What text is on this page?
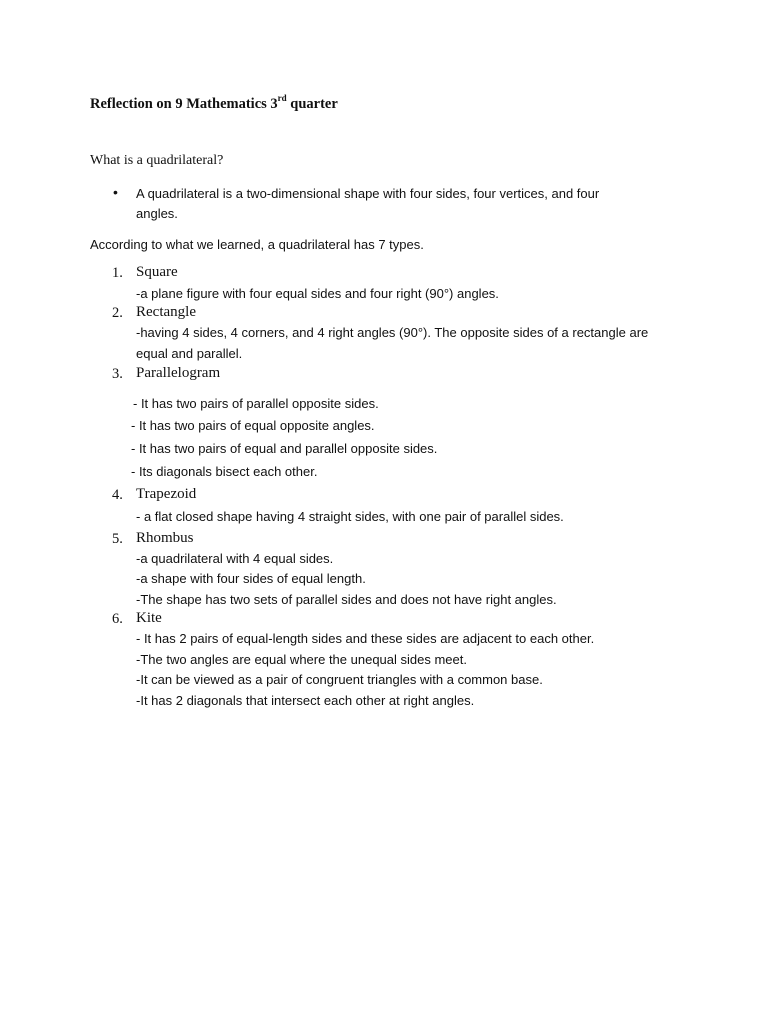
Reflection on 9 Mathematics 3rd quarter
What is a quadrilateral?
• A quadrilateral is a two-dimensional shape with four sides, four vertices, and four
angles.
According to what we learned, a quadrilateral has 7 types.
1. Square
-a plane figure with four equal sides and four right (90°) angles.
2. Rectangle
-having 4 sides, 4 corners, and 4 right angles (90°). The opposite sides of a rectangle are
equal and parallel.
3. Parallelogram
- It has two pairs of parallel opposite sides.
- It has two pairs of equal opposite angles.
- It has two pairs of equal and parallel opposite sides.
- Its diagonals bisect each other.
4. Trapezoid
- a flat closed shape having 4 straight sides, with one pair of parallel sides.
5. Rhombus
-a quadrilateral with 4 equal sides.
-a shape with four sides of equal length.
-The shape has two sets of parallel sides and does not have right angles.
6. Kite
- It has 2 pairs of equal-length sides and these sides are adjacent to each other.
-The two angles are equal where the unequal sides meet.
-It can be viewed as a pair of congruent triangles with a common base.
-It has 2 diagonals that intersect each other at right angles.
